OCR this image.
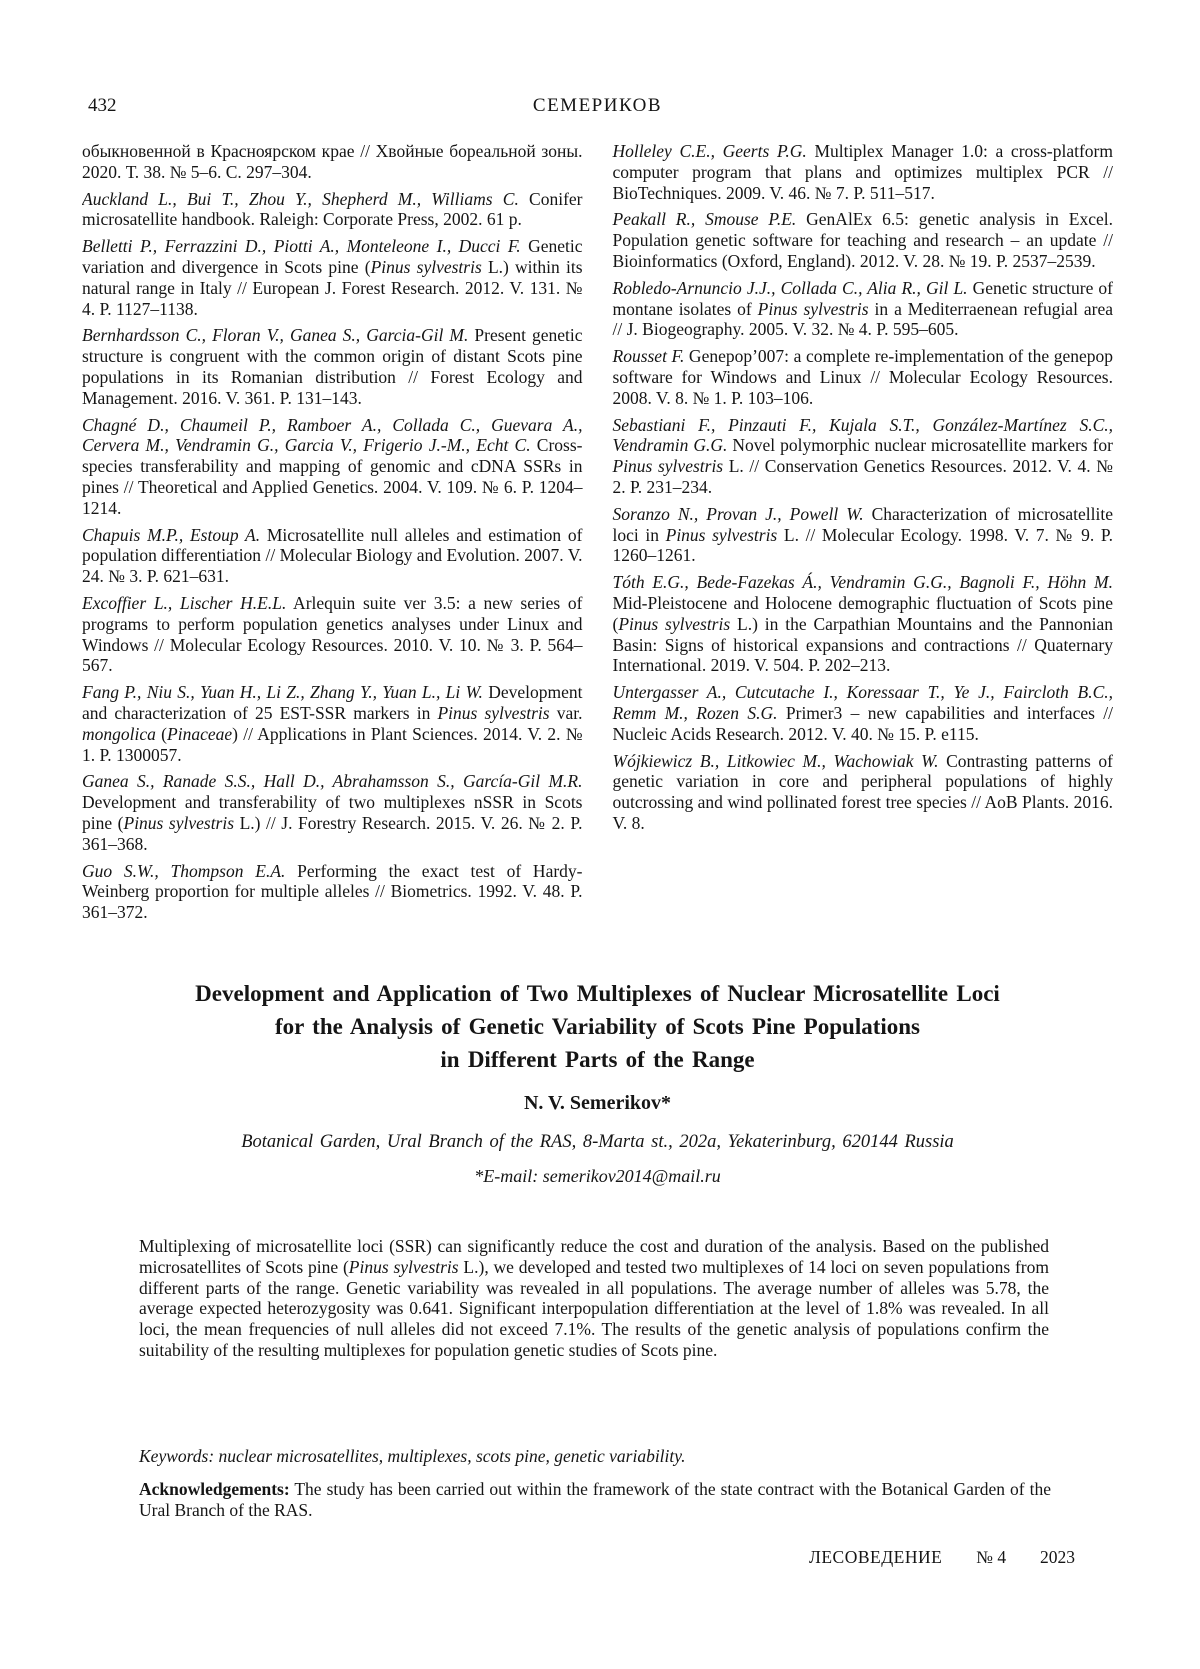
432	СЕМЕРИКОВ

обыкновенной в Красноярском крае // Хвойные бореальной зоны. 2020. Т. 38. № 5–6. С. 297–304.

Auckland L., Bui T., Zhou Y., Shepherd M., Williams C. Conifer microsatellite handbook. Raleigh: Corporate Press, 2002. 61 p.

Belletti P., Ferrazzini D., Piotti A., Monteleone I., Ducci F. Genetic variation and divergence in Scots pine (Pinus sylvestris L.) within its natural range in Italy // European J. Forest Research. 2012. V. 131. № 4. P. 1127–1138.

Bernhardsson C., Floran V., Ganea S., Garcia-Gil M. Present genetic structure is congruent with the common origin of distant Scots pine populations in its Romanian distribution // Forest Ecology and Management. 2016. V. 361. P. 131–143.

Chagné D., Chaumeil P., Ramboer A., Collada C., Guevara A., Cervera M., Vendramin G., Garcia V., Frigerio J.-M., Echt C. Cross-species transferability and mapping of genomic and cDNA SSRs in pines // Theoretical and Applied Genetics. 2004. V. 109. № 6. P. 1204–1214.

Chapuis M.P., Estoup A. Microsatellite null alleles and estimation of population differentiation // Molecular Biology and Evolution. 2007. V. 24. № 3. P. 621–631.

Excoffier L., Lischer H.E.L. Arlequin suite ver 3.5: a new series of programs to perform population genetics analyses under Linux and Windows // Molecular Ecology Resources. 2010. V. 10. № 3. P. 564–567.

Fang P., Niu S., Yuan H., Li Z., Zhang Y., Yuan L., Li W. Development and characterization of 25 EST-SSR markers in Pinus sylvestris var. mongolica (Pinaceae) // Applications in Plant Sciences. 2014. V. 2. № 1. P. 1300057.

Ganea S., Ranade S.S., Hall D., Abrahamsson S., García-Gil M.R. Development and transferability of two multiplexes nSSR in Scots pine (Pinus sylvestris L.) // J. Forestry Research. 2015. V. 26. № 2. P. 361–368.

Guo S.W., Thompson E.A. Performing the exact test of Hardy-Weinberg proportion for multiple alleles // Biometrics. 1992. V. 48. P. 361–372.

Holleley C.E., Geerts P.G. Multiplex Manager 1.0: a cross-platform computer program that plans and optimizes multiplex PCR // BioTechniques. 2009. V. 46. № 7. P. 511–517.

Peakall R., Smouse P.E. GenAlEx 6.5: genetic analysis in Excel. Population genetic software for teaching and research – an update // Bioinformatics (Oxford, England). 2012. V. 28. № 19. P. 2537–2539.

Robledo-Arnuncio J.J., Collada C., Alia R., Gil L. Genetic structure of montane isolates of Pinus sylvestris in a Mediterraenean refugial area // J. Biogeography. 2005. V. 32. № 4. P. 595–605.

Rousset F. Genepop’007: a complete re-implementation of the genepop software for Windows and Linux // Molecular Ecology Resources. 2008. V. 8. № 1. P. 103–106.

Sebastiani F., Pinzauti F., Kujala S.T., González-Martínez S.C., Vendramin G.G. Novel polymorphic nuclear microsatellite markers for Pinus sylvestris L. // Conservation Genetics Resources. 2012. V. 4. № 2. P. 231–234.

Soranzo N., Provan J., Powell W. Characterization of microsatellite loci in Pinus sylvestris L. // Molecular Ecology. 1998. V. 7. № 9. P. 1260–1261.

Tóth E.G., Bede-Fazekas Á., Vendramin G.G., Bagnoli F., Höhn M. Mid-Pleistocene and Holocene demographic fluctuation of Scots pine (Pinus sylvestris L.) in the Carpathian Mountains and the Pannonian Basin: Signs of historical expansions and contractions // Quaternary International. 2019. V. 504. P. 202–213.

Untergasser A., Cutcutache I., Koressaar T., Ye J., Faircloth B.C., Remm M., Rozen S.G. Primer3 – new capabilities and interfaces // Nucleic Acids Research. 2012. V. 40. № 15. P. e115.

Wójkiewicz B., Litkowiec M., Wachowiak W. Contrasting patterns of genetic variation in core and peripheral populations of highly outcrossing and wind pollinated forest tree species // AoB Plants. 2016. V. 8.

Development and Application of Two Multiplexes of Nuclear Microsatellite Loci
for the Analysis of Genetic Variability of Scots Pine Populations
in Different Parts of the Range
N. V. Semerikov*
Botanical Garden, Ural Branch of the RAS, 8-Marta st., 202a, Yekaterinburg, 620144 Russia
*E-mail: semerikov2014@mail.ru

Multiplexing of microsatellite loci (SSR) can significantly reduce the cost and duration of the analysis. Based on the published microsatellites of Scots pine (Pinus sylvestris L.), we developed and tested two multiplexes of 14 loci on seven populations from different parts of the range. Genetic variability was revealed in all populations. The average number of alleles was 5.78, the average expected heterozygosity was 0.641. Significant interpopulation differentiation at the level of 1.8% was revealed. In all loci, the mean frequencies of null alleles did not exceed 7.1%. The results of the genetic analysis of populations confirm the suitability of the resulting multiplexes for population genetic studies of Scots pine.

Keywords: nuclear microsatellites, multiplexes, scots pine, genetic variability.

Acknowledgements: The study has been carried out within the framework of the state contract with the Botanical Garden of the Ural Branch of the RAS.

ЛЕСОВЕДЕНИЕ № 4 2023
